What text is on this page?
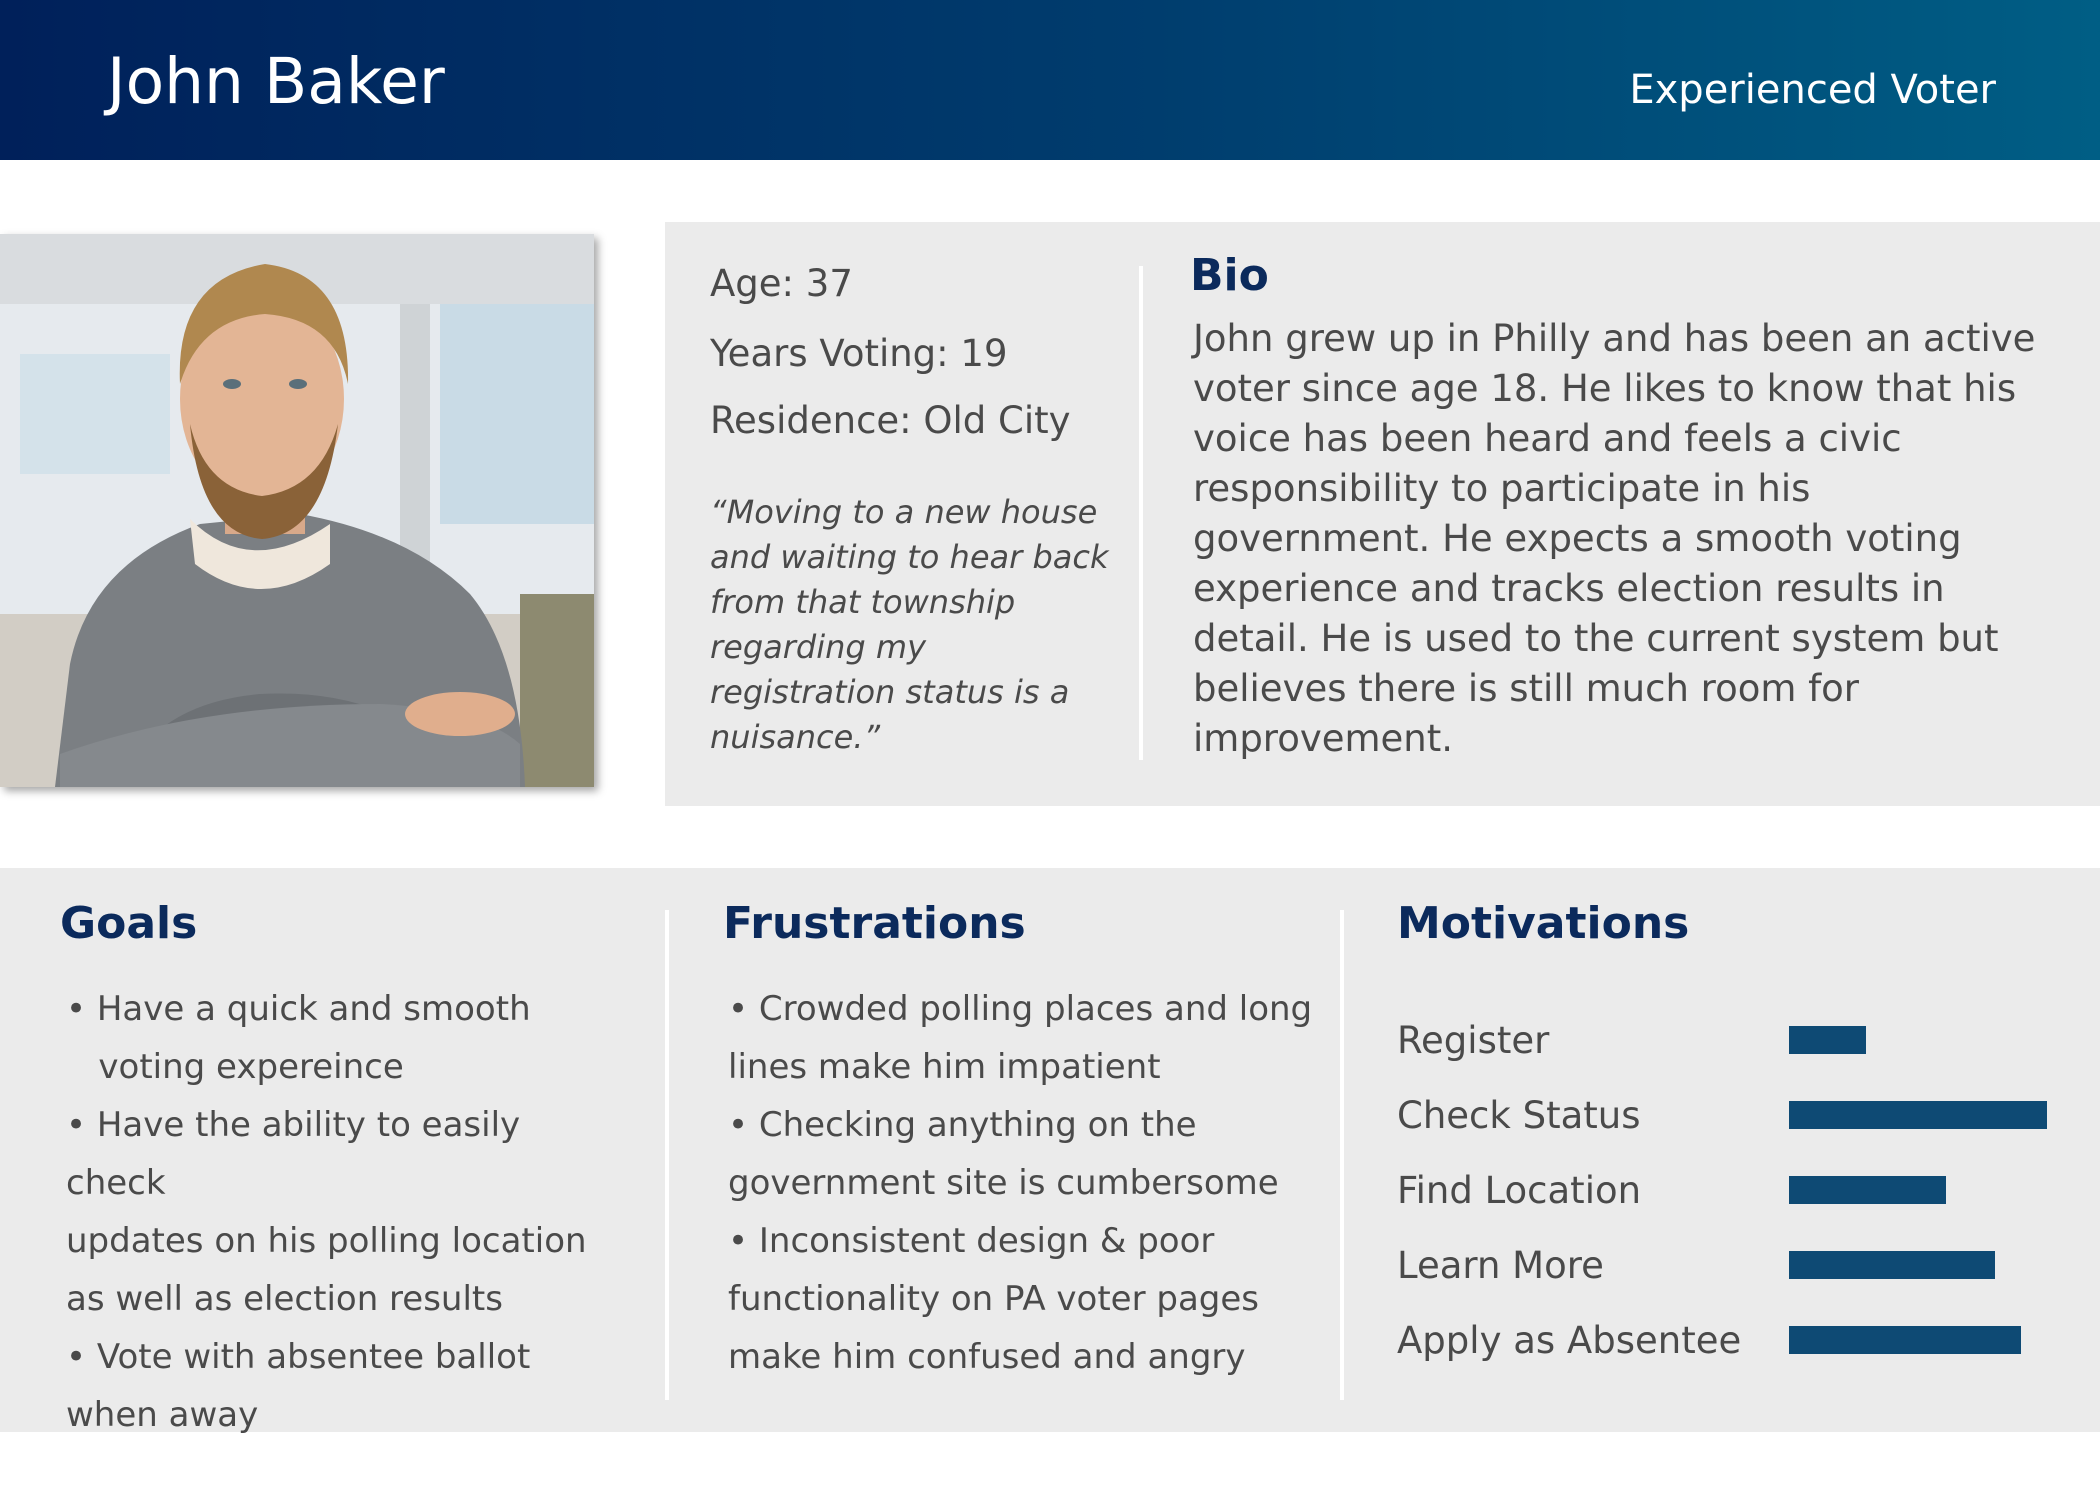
John Baker	Experienced Voter
Age: 37
Years Voting: 19
Residence: Old City
“Moving to a new house
and waiting to hear back
from that township
regarding my
registration status is a
nuisance.”
Bio
John grew up in Philly and has been an active
voter since age 18. He likes to know that his
voice has been heard and feels a civic
responsibility to participate in his
government. He expects a smooth voting
experience and tracks election results in
detail. He is used to the current system but
believes there is still much room for
improvement.
Goals
• Have a quick and smooth
voting expereince
• Have the ability to easily check
updates on his polling location
as well as election results
• Vote with absentee ballot
when away
Frustrations
• Crowded polling places and long
lines make him impatient
• Checking anything on the
government site is cumbersome
• Inconsistent design & poor
functionality on PA voter pages
make him confused and angry
Motivations
Register
Check Status
Find Location
Learn More
Apply as Absentee
